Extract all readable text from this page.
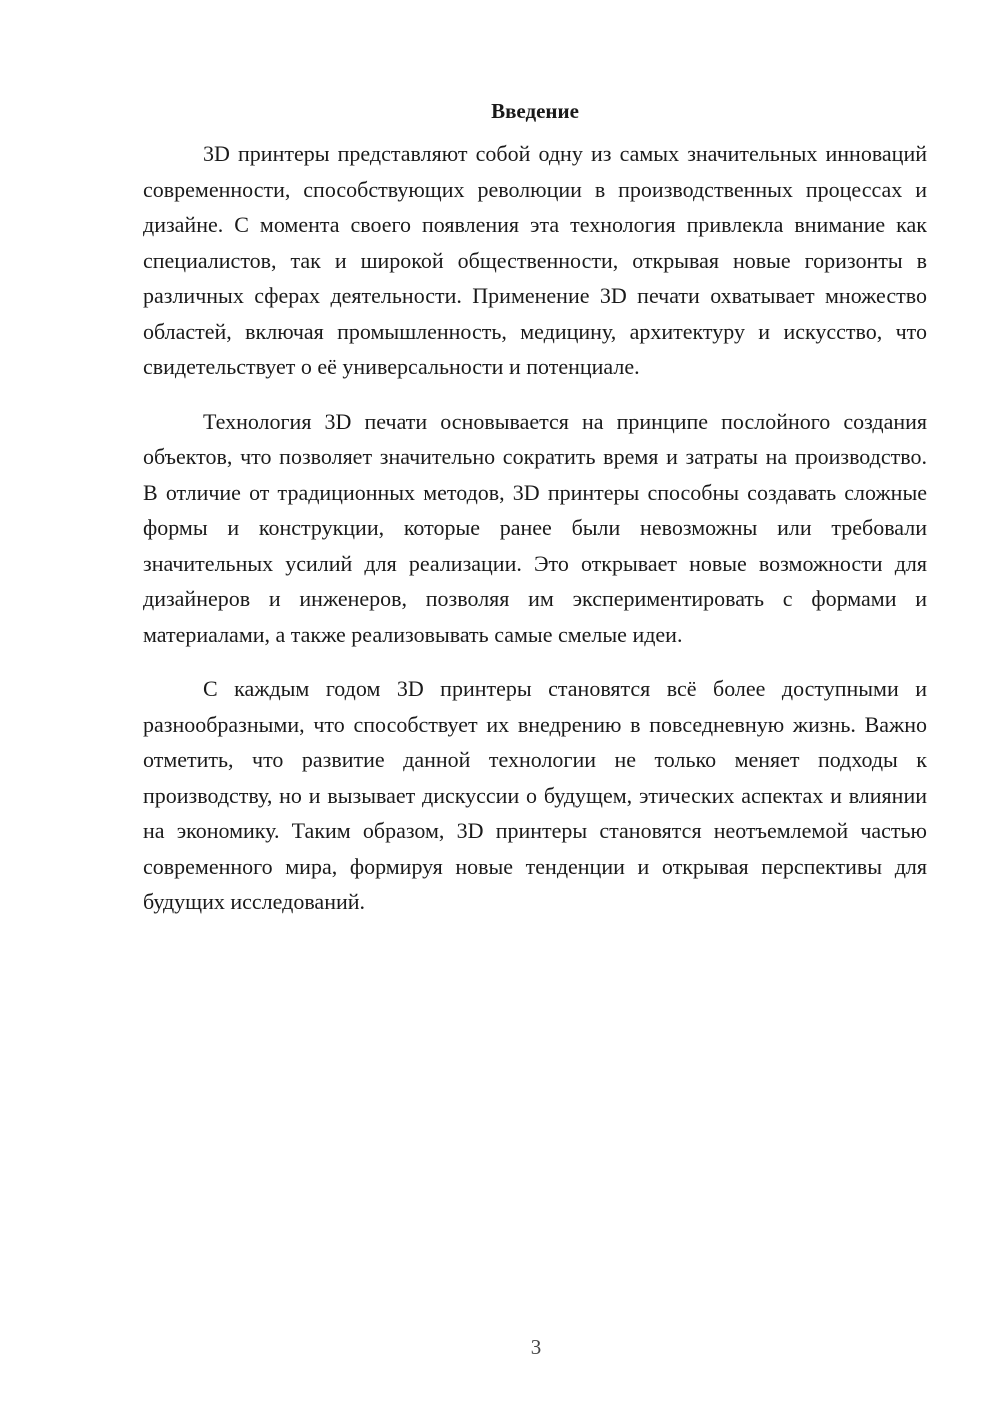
Введение

3D принтеры представляют собой одну из самых значительных инноваций современности, способствующих революции в производственных процессах и дизайне. С момента своего появления эта технология привлекла внимание как специалистов, так и широкой общественности, открывая новые горизонты в различных сферах деятельности. Применение 3D печати охватывает множество областей, включая промышленность, медицину, архитектуру и искусство, что свидетельствует о её универсальности и потенциале.

Технология 3D печати основывается на принципе послойного создания объектов, что позволяет значительно сократить время и затраты на производство. В отличие от традиционных методов, 3D принтеры способны создавать сложные формы и конструкции, которые ранее были невозможны или требовали значительных усилий для реализации. Это открывает новые возможности для дизайнеров и инженеров, позволяя им экспериментировать с формами и материалами, а также реализовывать самые смелые идеи.

С каждым годом 3D принтеры становятся всё более доступными и разнообразными, что способствует их внедрению в повседневную жизнь. Важно отметить, что развитие данной технологии не только меняет подходы к производству, но и вызывает дискуссии о будущем, этических аспектах и влиянии на экономику. Таким образом, 3D принтеры становятся неотъемлемой частью современного мира, формируя новые тенденции и открывая перспективы для будущих исследований.

3
